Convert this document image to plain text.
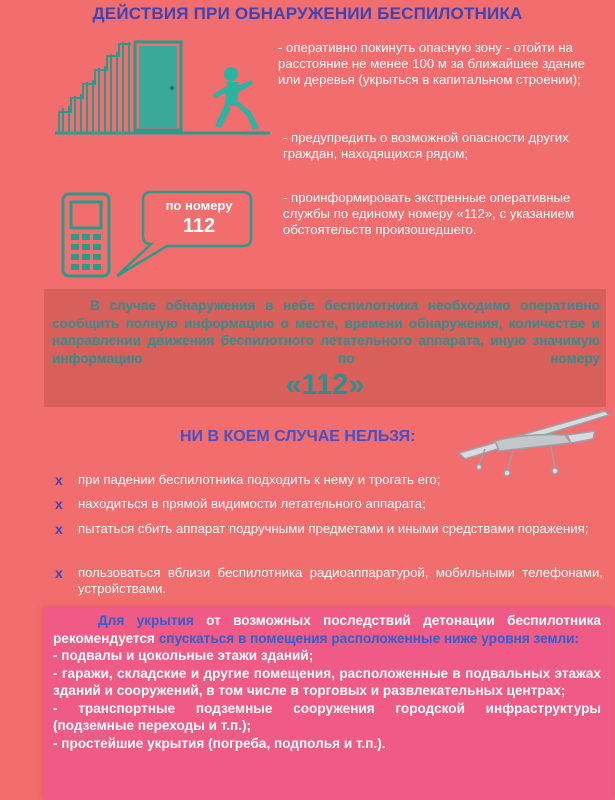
ДЕЙСТВИЯ ПРИ ОБНАРУЖЕНИИ БЕСПИЛОТНИКА
- оперативно покинуть опасную зону - отойти на расстояние не менее 100 м за ближайшее здание или деревья (укрыться в капитальном строении);
- предупредить о возможной опасности других граждан, находящихся рядом;
по номеру
112
- проинформировать экстренные оперативные службы по единому номеру «112», с указанием обстоятельств произошедшего.
В случае обнаружения в небе беспилотника необходимо оперативно сообщить полную информацию о месте, времени обнаружения, количестве и направлении движения беспилотного летательного аппарата, иную значимую информацию по номеру
«112»
НИ В КОЕМ СЛУЧАЕ НЕЛЬЗЯ:
x	при падении беспилотника подходить к нему и трогать его;
x	находиться в прямой видимости летательного аппарата;
x	пытаться сбить аппарат подручными предметами и иными средствами поражения;
x	пользоваться вблизи беспилотника радиоаппаратурой, мобильными телефонами, устройствами.
Для укрытия от возможных последствий детонации беспилотника рекомендуется спускаться в помещения расположенные ниже уровня земли:
- подвалы и цокольные этажи зданий;
- гаражи, складские и другие помещения, расположенные в подвальных этажах зданий и сооружений, в том числе в торговых и развлекательных центрах;
- транспортные подземные сооружения городской инфраструктуры (подземные переходы и т.п.);
- простейшие укрытия (погреба, подполья и т.п.).
